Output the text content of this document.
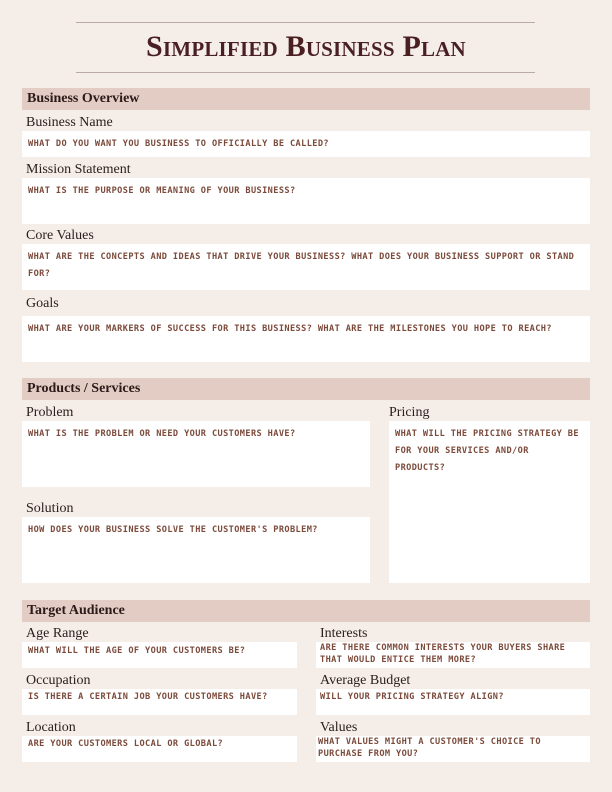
Simplified Business Plan
Business Overview
Business Name
WHAT DO YOU WANT YOU BUSINESS TO OFFICIALLY BE CALLED?
Mission Statement
WHAT IS THE PURPOSE OR MEANING OF YOUR BUSINESS?
Core Values
WHAT ARE THE CONCEPTS AND IDEAS THAT DRIVE YOUR BUSINESS? WHAT DOES YOUR BUSINESS SUPPORT OR STAND FOR?
Goals
WHAT ARE YOUR MARKERS OF SUCCESS FOR THIS BUSINESS? WHAT ARE THE MILESTONES YOU HOPE TO REACH?
Products / Services
Problem
WHAT IS THE PROBLEM OR NEED YOUR CUSTOMERS HAVE?
Pricing
WHAT WILL THE PRICING STRATEGY BE FOR YOUR SERVICES AND/OR PRODUCTS?
Solution
HOW DOES YOUR BUSINESS SOLVE THE CUSTOMER'S PROBLEM?
Target Audience
Age Range
WHAT WILL THE AGE OF YOUR CUSTOMERS BE?
Interests
ARE THERE COMMON INTERESTS YOUR BUYERS SHARE THAT WOULD ENTICE THEM MORE?
Occupation
IS THERE A CERTAIN JOB YOUR CUSTOMERS HAVE?
Average Budget
WILL YOUR PRICING STRATEGY ALIGN?
Location
ARE YOUR CUSTOMERS LOCAL OR GLOBAL?
Values
WHAT VALUES MIGHT A CUSTOMER'S CHOICE TO PURCHASE FROM YOU?
